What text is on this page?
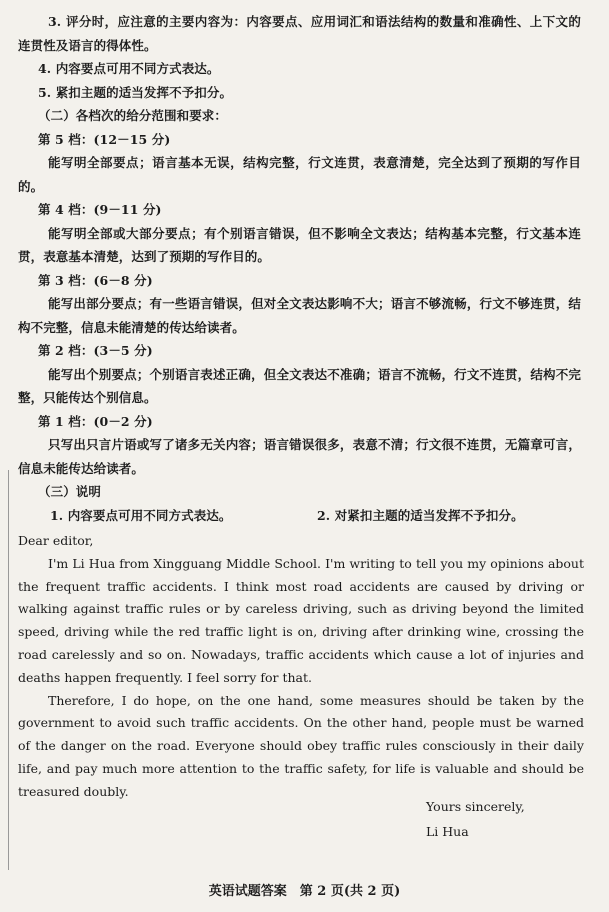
3. 评分时，应注意的主要内容为：内容要点、应用词汇和语法结构的数量和准确性、上下文的连贯性及语言的得体性。

4. 内容要点可用不同方式表达。

5. 紧扣主题的适当发挥不予扣分。

（二）各档次的给分范围和要求：

第 5 档：(12－15 分)

能写明全部要点；语言基本无误，结构完整，行文连贯，表意清楚，完全达到了预期的写作目的。

第 4 档：(9－11 分)

能写明全部或大部分要点；有个别语言错误，但不影响全文表达；结构基本完整，行文基本连贯，表意基本清楚，达到了预期的写作目的。

第 3 档：(6－8 分)

能写出部分要点；有一些语言错误，但对全文表达影响不大；语言不够流畅，行文不够连贯，结构不完整，信息未能清楚的传达给读者。

第 2 档：(3－5 分)

能写出个别要点；个别语言表述正确，但全文表达不准确；语言不流畅，行文不连贯，结构不完整，只能传达个别信息。

第 1 档：(0－2 分)

只写出只言片语或写了诸多无关内容；语言错误很多，表意不清；行文很不连贯，无篇章可言，信息未能传达给读者。

（三）说明

1. 内容要点可用不同方式表达。	2. 对紧扣主题的适当发挥不予扣分。

Dear editor,

I'm Li Hua from Xingguang Middle School. I'm writing to tell you my opinions about the frequent traffic accidents. I think most road accidents are caused by driving or walking against traffic rules or by careless driving, such as driving beyond the limited speed, driving while the red traffic light is on, driving after drinking wine, crossing the road carelessly and so on. Nowadays, traffic accidents which cause a lot of injuries and deaths happen frequently. I feel sorry for that.

Therefore, I do hope, on the one hand, some measures should be taken by the government to avoid such traffic accidents. On the other hand, people must be warned of the danger on the road. Everyone should obey traffic rules consciously in their daily life, and pay much more attention to the traffic safety, for life is valuable and should be treasured doubly.

Yours sincerely,
Li Hua
英语试题答案　第 2 页(共 2 页)
